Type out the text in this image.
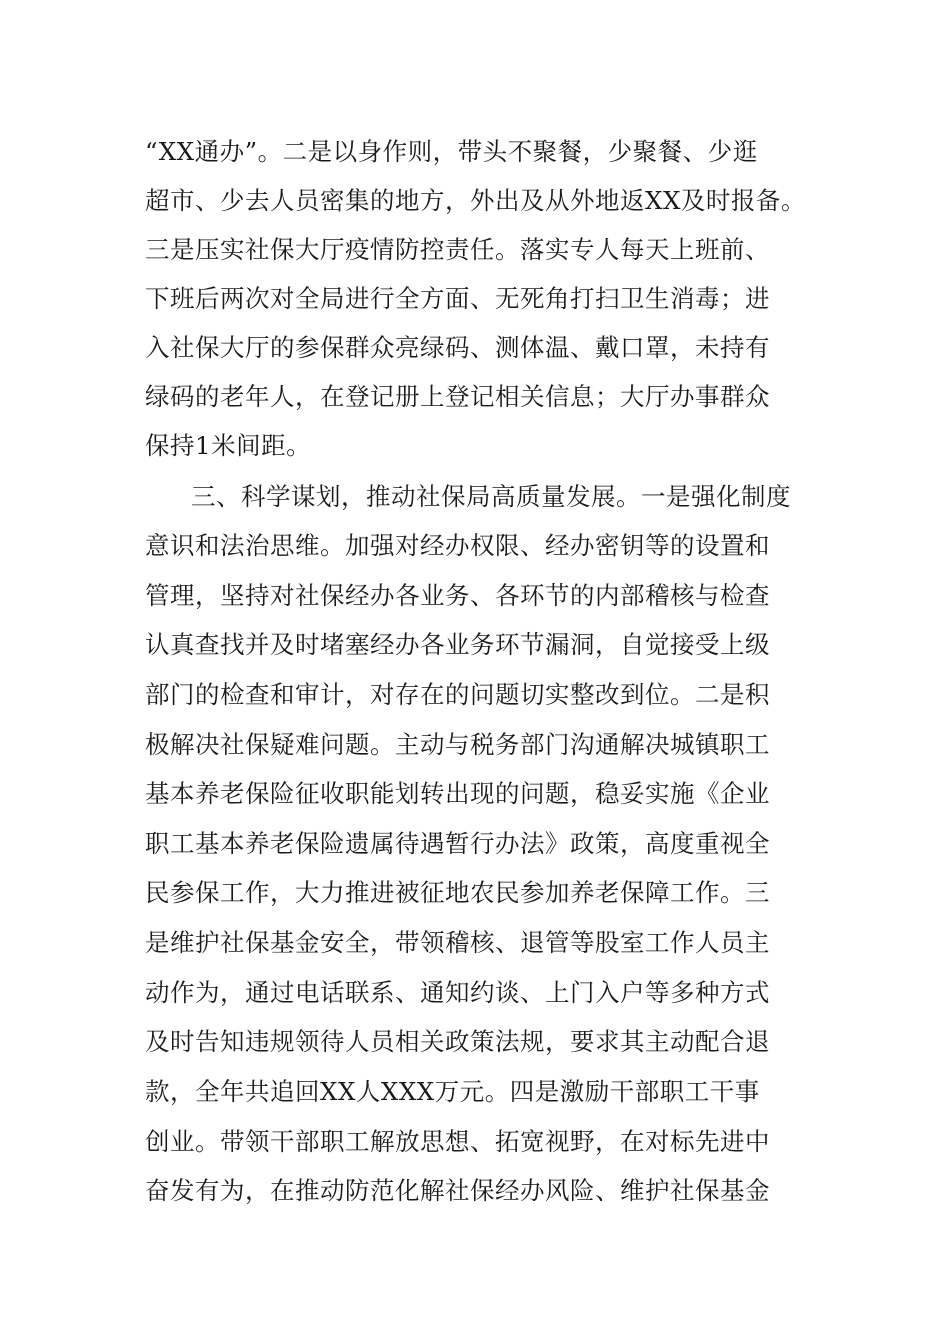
“XX通办”。二是以身作则，带头不聚餐，少聚餐、少逛

超市、少去人员密集的地方，外出及从外地返XX及时报备。

三是压实社保大厅疫情防控责任。落实专人每天上班前、

下班后两次对全局进行全方面、无死角打扫卫生消毒；进

入社保大厅的参保群众亮绿码、测体温、戴口罩，未持有

绿码的老年人，在登记册上登记相关信息；大厅办事群众

保持1米间距。

三、科学谋划，推动社保局高质量发展。一是强化制度

意识和法治思维。加强对经办权限、经办密钥等的设置和

管理，坚持对社保经办各业务、各环节的内部稽核与检查

认真查找并及时堵塞经办各业务环节漏洞，自觉接受上级

部门的检查和审计，对存在的问题切实整改到位。二是积

极解决社保疑难问题。主动与税务部门沟通解决城镇职工

基本养老保险征收职能划转出现的问题，稳妥实施《企业

职工基本养老保险遗属待遇暂行办法》政策，高度重视全

民参保工作，大力推进被征地农民参加养老保障工作。三

是维护社保基金安全，带领稽核、退管等股室工作人员主

动作为，通过电话联系、通知约谈、上门入户等多种方式

及时告知违规领待人员相关政策法规，要求其主动配合退

款，全年共追回XX人XXX万元。四是激励干部职工干事

创业。带领干部职工解放思想、拓宽视野，在对标先进中

奋发有为，在推动防范化解社保经办风险、维护社保基金
